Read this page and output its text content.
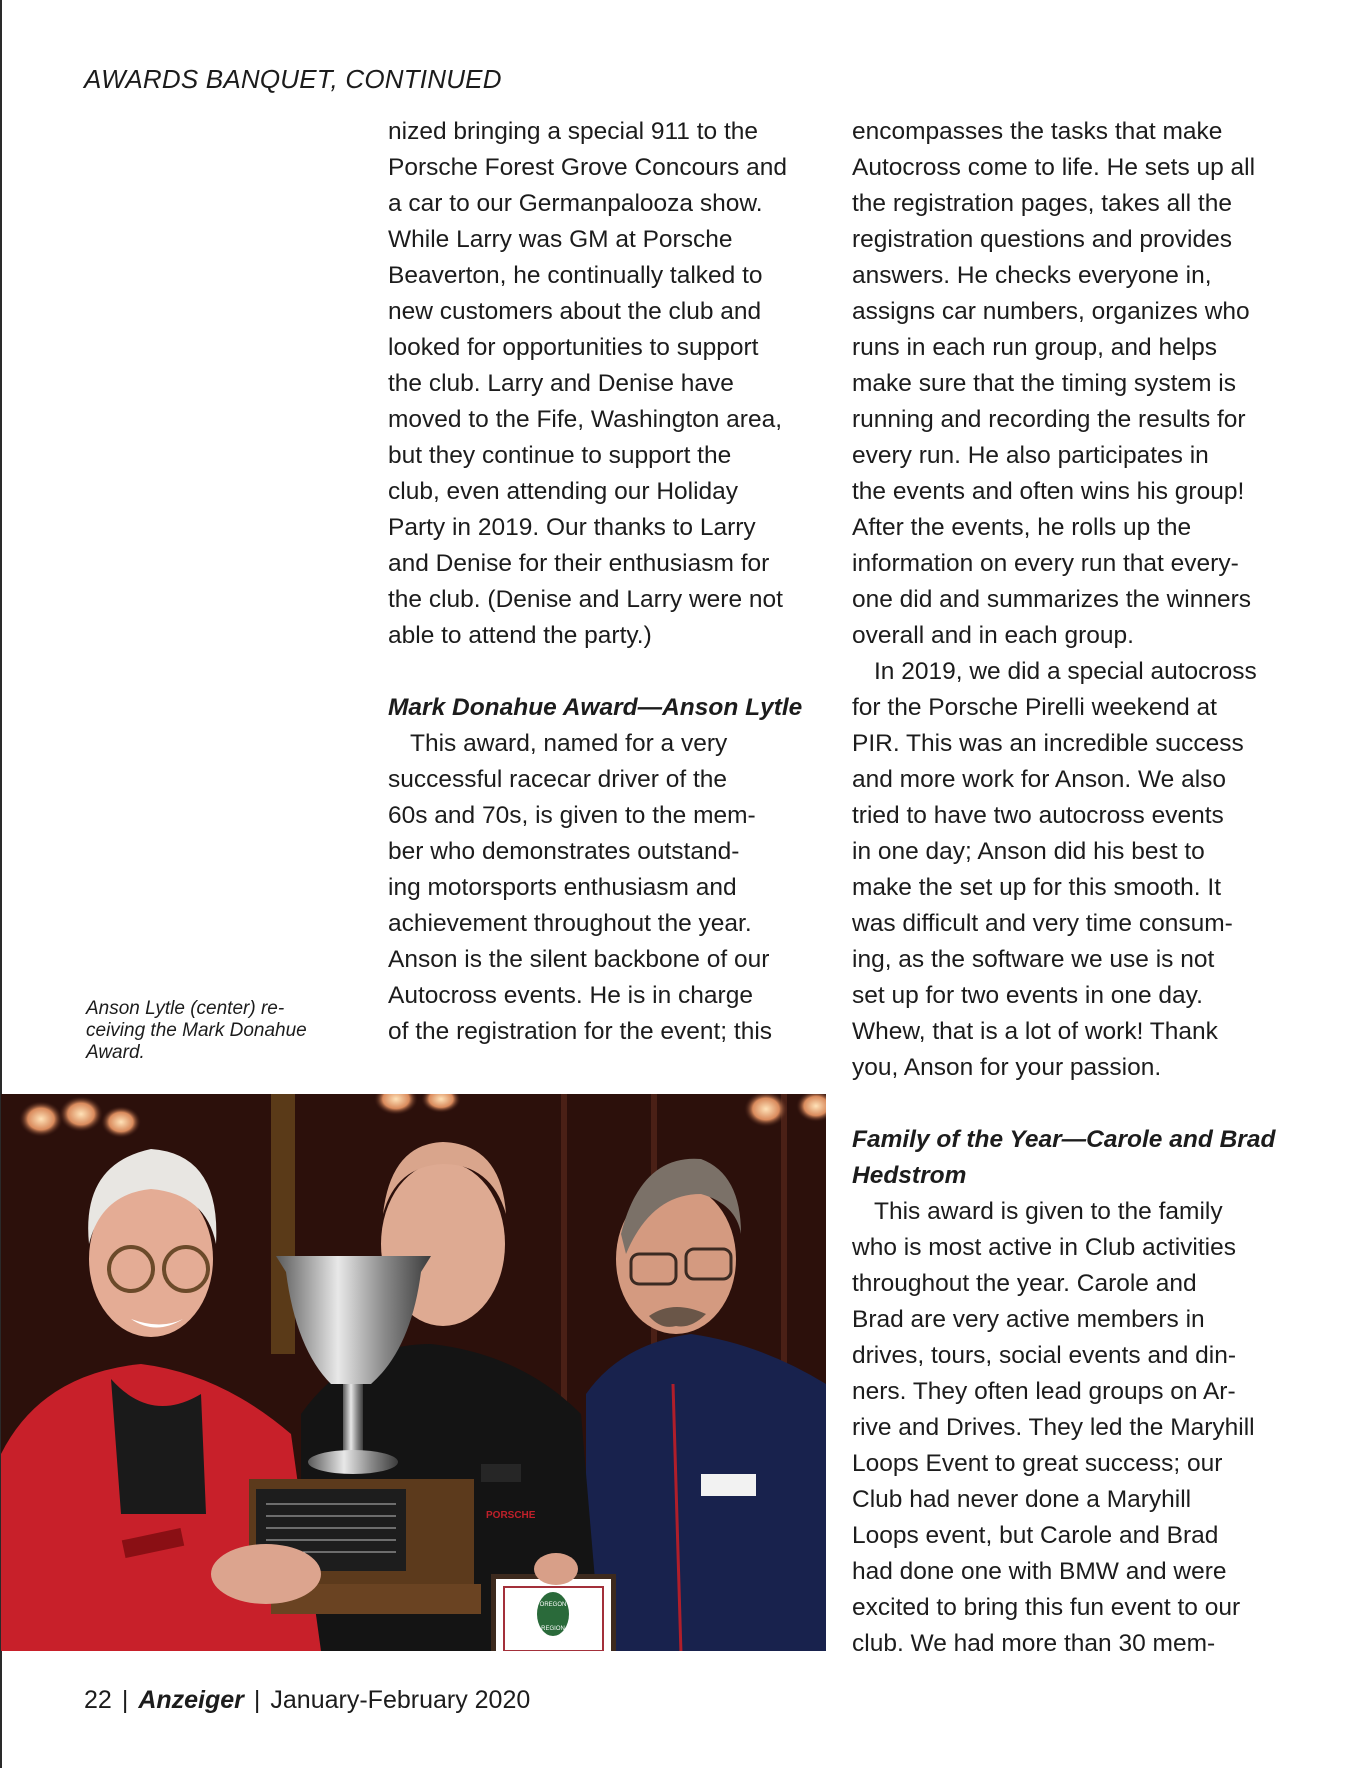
AWARDS BANQUET, CONTINUED
nized bringing a special 911 to the
Porsche Forest Grove Concours and
a car to our Germanpalooza show.
While Larry was GM at Porsche
Beaverton, he continually talked to
new customers about the club and
looked for opportunities to support
the club. Larry and Denise have
moved to the Fife, Washington area,
but they continue to support the
club, even attending our Holiday
Party in 2019. Our thanks to Larry
and Denise for their enthusiasm for
the club. (Denise and Larry were not
able to attend the party.)
Mark Donahue Award—Anson Lytle
This award, named for a very
successful racecar driver of the
60s and 70s, is given to the mem-
ber who demonstrates outstand-
ing motorsports enthusiasm and
achievement throughout the year.
Anson is the silent backbone of our
Autocross events. He is in charge
of the registration for the event; this
encompasses the tasks that make
Autocross come to life. He sets up all
the registration pages, takes all the
registration questions and provides
answers. He checks everyone in,
assigns car numbers, organizes who
runs in each run group, and helps
make sure that the timing system is
running and recording the results for
every run. He also participates in
the events and often wins his group!
After the events, he rolls up the
information on every run that every-
one did and summarizes the winners
overall and in each group.
In 2019, we did a special autocross
for the Porsche Pirelli weekend at
PIR. This was an incredible success
and more work for Anson. We also
tried to have two autocross events
in one day; Anson did his best to
make the set up for this smooth. It
was difficult and very time consum-
ing, as the software we use is not
set up for two events in one day.
Whew, that is a lot of work! Thank
you, Anson for your passion.
Family of the Year—Carole and Brad
Hedstrom
This award is given to the family
who is most active in Club activities
throughout the year. Carole and
Brad are very active members in
drives, tours, social events and din-
ners. They often lead groups on Ar-
rive and Drives. They led the Maryhill
Loops Event to great success; our
Club had never done a Maryhill
Loops event, but Carole and Brad
had done one with BMW and were
excited to bring this fun event to our
club. We had more than 30 mem-
Anson Lytle (center) re-
ceiving the Mark Donahue
Award.
PORSCHE
OREGON
REGION
22 | Anzeiger | January-February 2020
